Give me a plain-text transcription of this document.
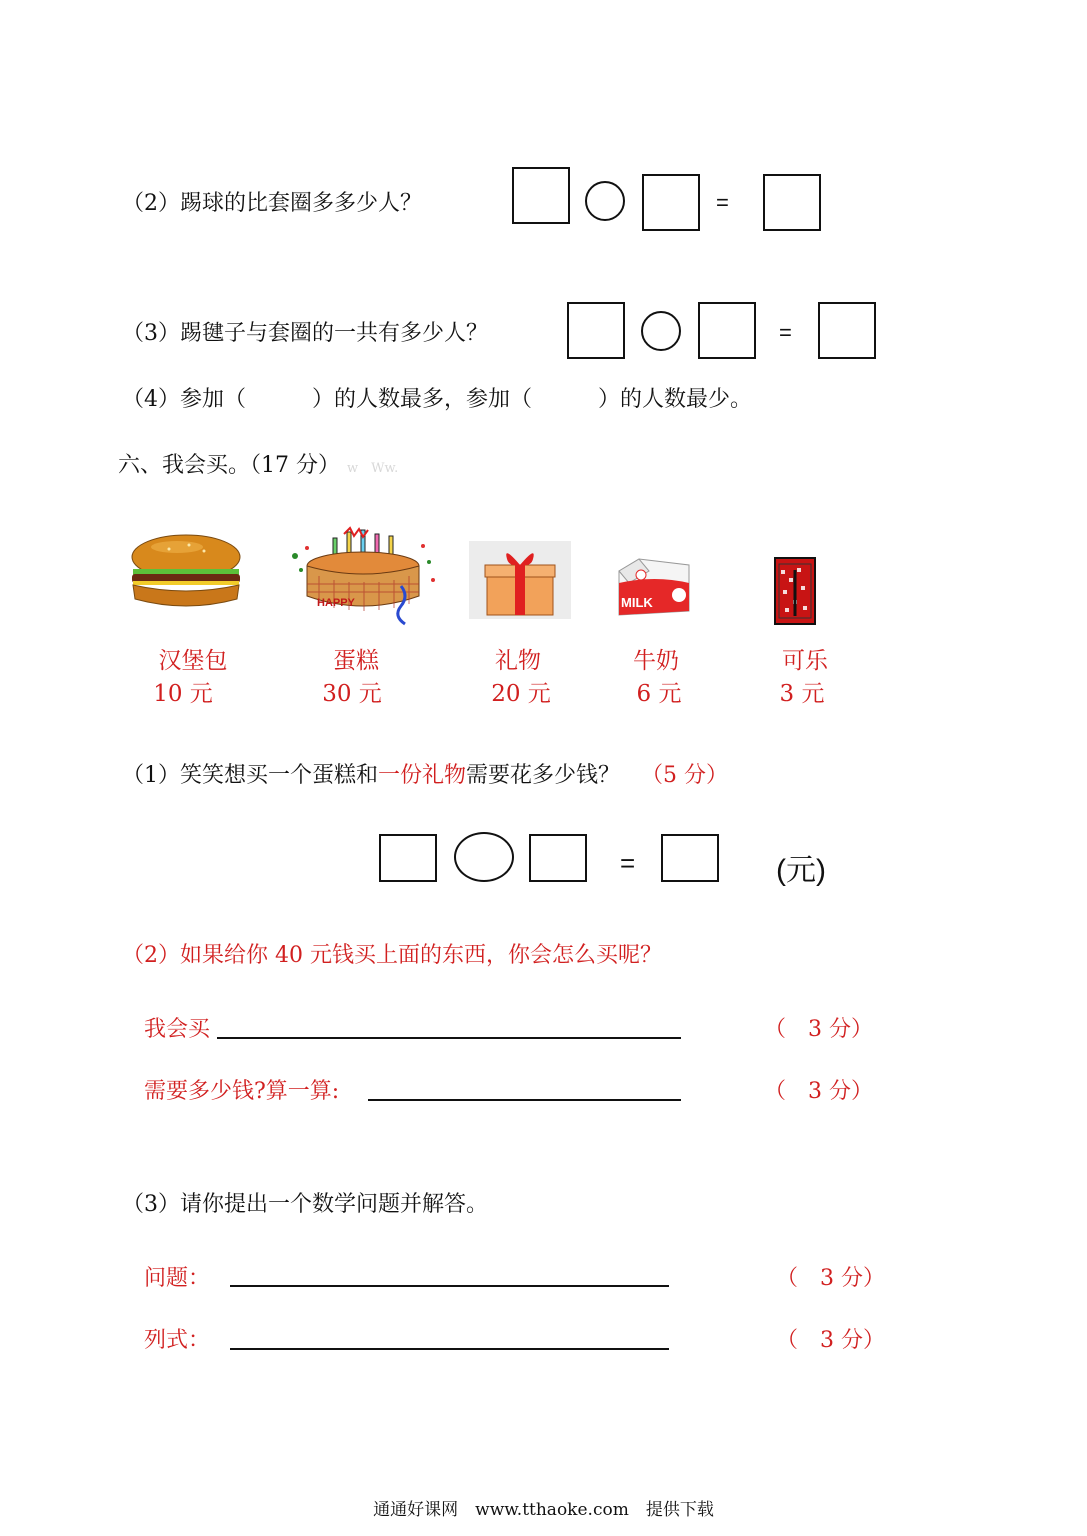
（2）踢球的比套圈多多少人？	=
（3）踢毽子与套圈的一共有多少人？	=
（4）参加（　　　）的人数最多，参加（　　　）的人数最少。
六、我会买。（17 分） w　Ww.
HAPPY	MILK
汉堡包
10 元
蛋糕
30 元
礼物
20 元
牛奶
6 元
可乐
3 元
（1）笑笑想买一个蛋糕和一份礼物需要花多少钱？ （5 分）
=	(元)
（2）如果给你 40 元钱买上面的东西，你会怎么买呢？
我会买	（　3 分）
需要多少钱?算一算:	（　3 分）
（3）请你提出一个数学问题并解答。
问题：	（　3 分）
列式：	（　3 分）
通通好课网　www.tthaoke.com　提供下载
